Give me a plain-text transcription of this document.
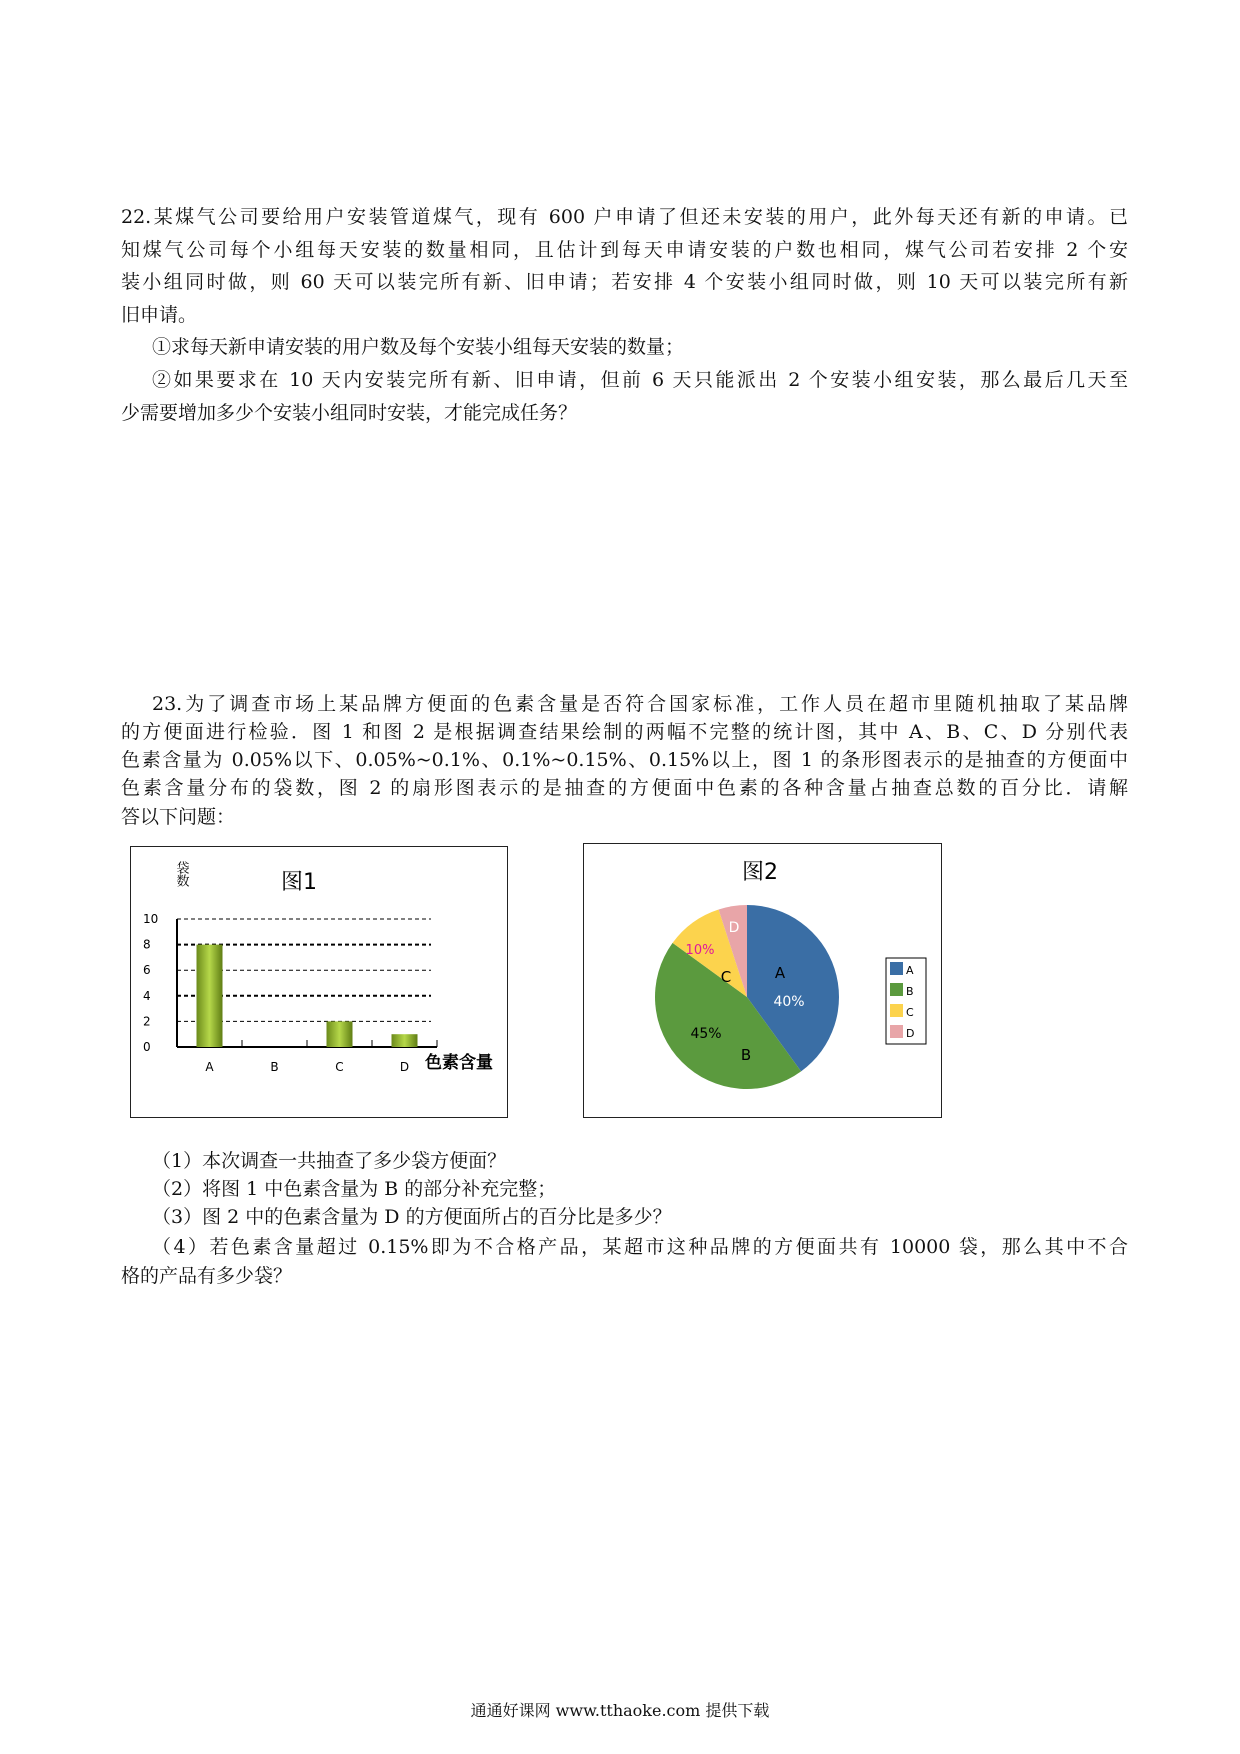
22.某煤气公司要给用户安装管道煤气，现有 600 户申请了但还未安装的用户，此外每天还有新的申请。已
知煤气公司每个小组每天安装的数量相同，且估计到每天申请安装的户数也相同，煤气公司若安排 2 个安
装小组同时做，则 60 天可以装完所有新、旧申请；若安排 4 个安装小组同时做，则 10 天可以装完所有新
旧申请。
①求每天新申请安装的用户数及每个安装小组每天安装的数量；
②如果要求在 10 天内安装完所有新、旧申请，但前 6 天只能派出 2 个安装小组安装，那么最后几天至
少需要增加多少个安装小组同时安装，才能完成任务？
23.为了调查市场上某品牌方便面的色素含量是否符合国家标准，工作人员在超市里随机抽取了某品牌
的方便面进行检验．图 1 和图 2 是根据调查结果绘制的两幅不完整的统计图，其中 A、B、C、D 分别代表
色素含量为 0.05%以下、0.05%~0.1%、0.1%~0.15%、0.15%以上，图 1 的条形图表示的是抽查的方便面中
色素含量分布的袋数，图 2 的扇形图表示的是抽查的方便面中色素的各种含量占抽查总数的百分比．请解
答以下问题：
图1
袋数
0
2
4
6
8
10
A	B	C	D 色素含量
图2
A
40%
45%
B
10%
C
D
A
B
C
D
（1）本次调查一共抽查了多少袋方便面？
（2）将图 1 中色素含量为 B 的部分补充完整；
（3）图 2 中的色素含量为 D 的方便面所占的百分比是多少？
（4）若色素含量超过 0.15%即为不合格产品，某超市这种品牌的方便面共有 10000 袋，那么其中不合
格的产品有多少袋？
通通好课网 www.tthaoke.com 提供下载
